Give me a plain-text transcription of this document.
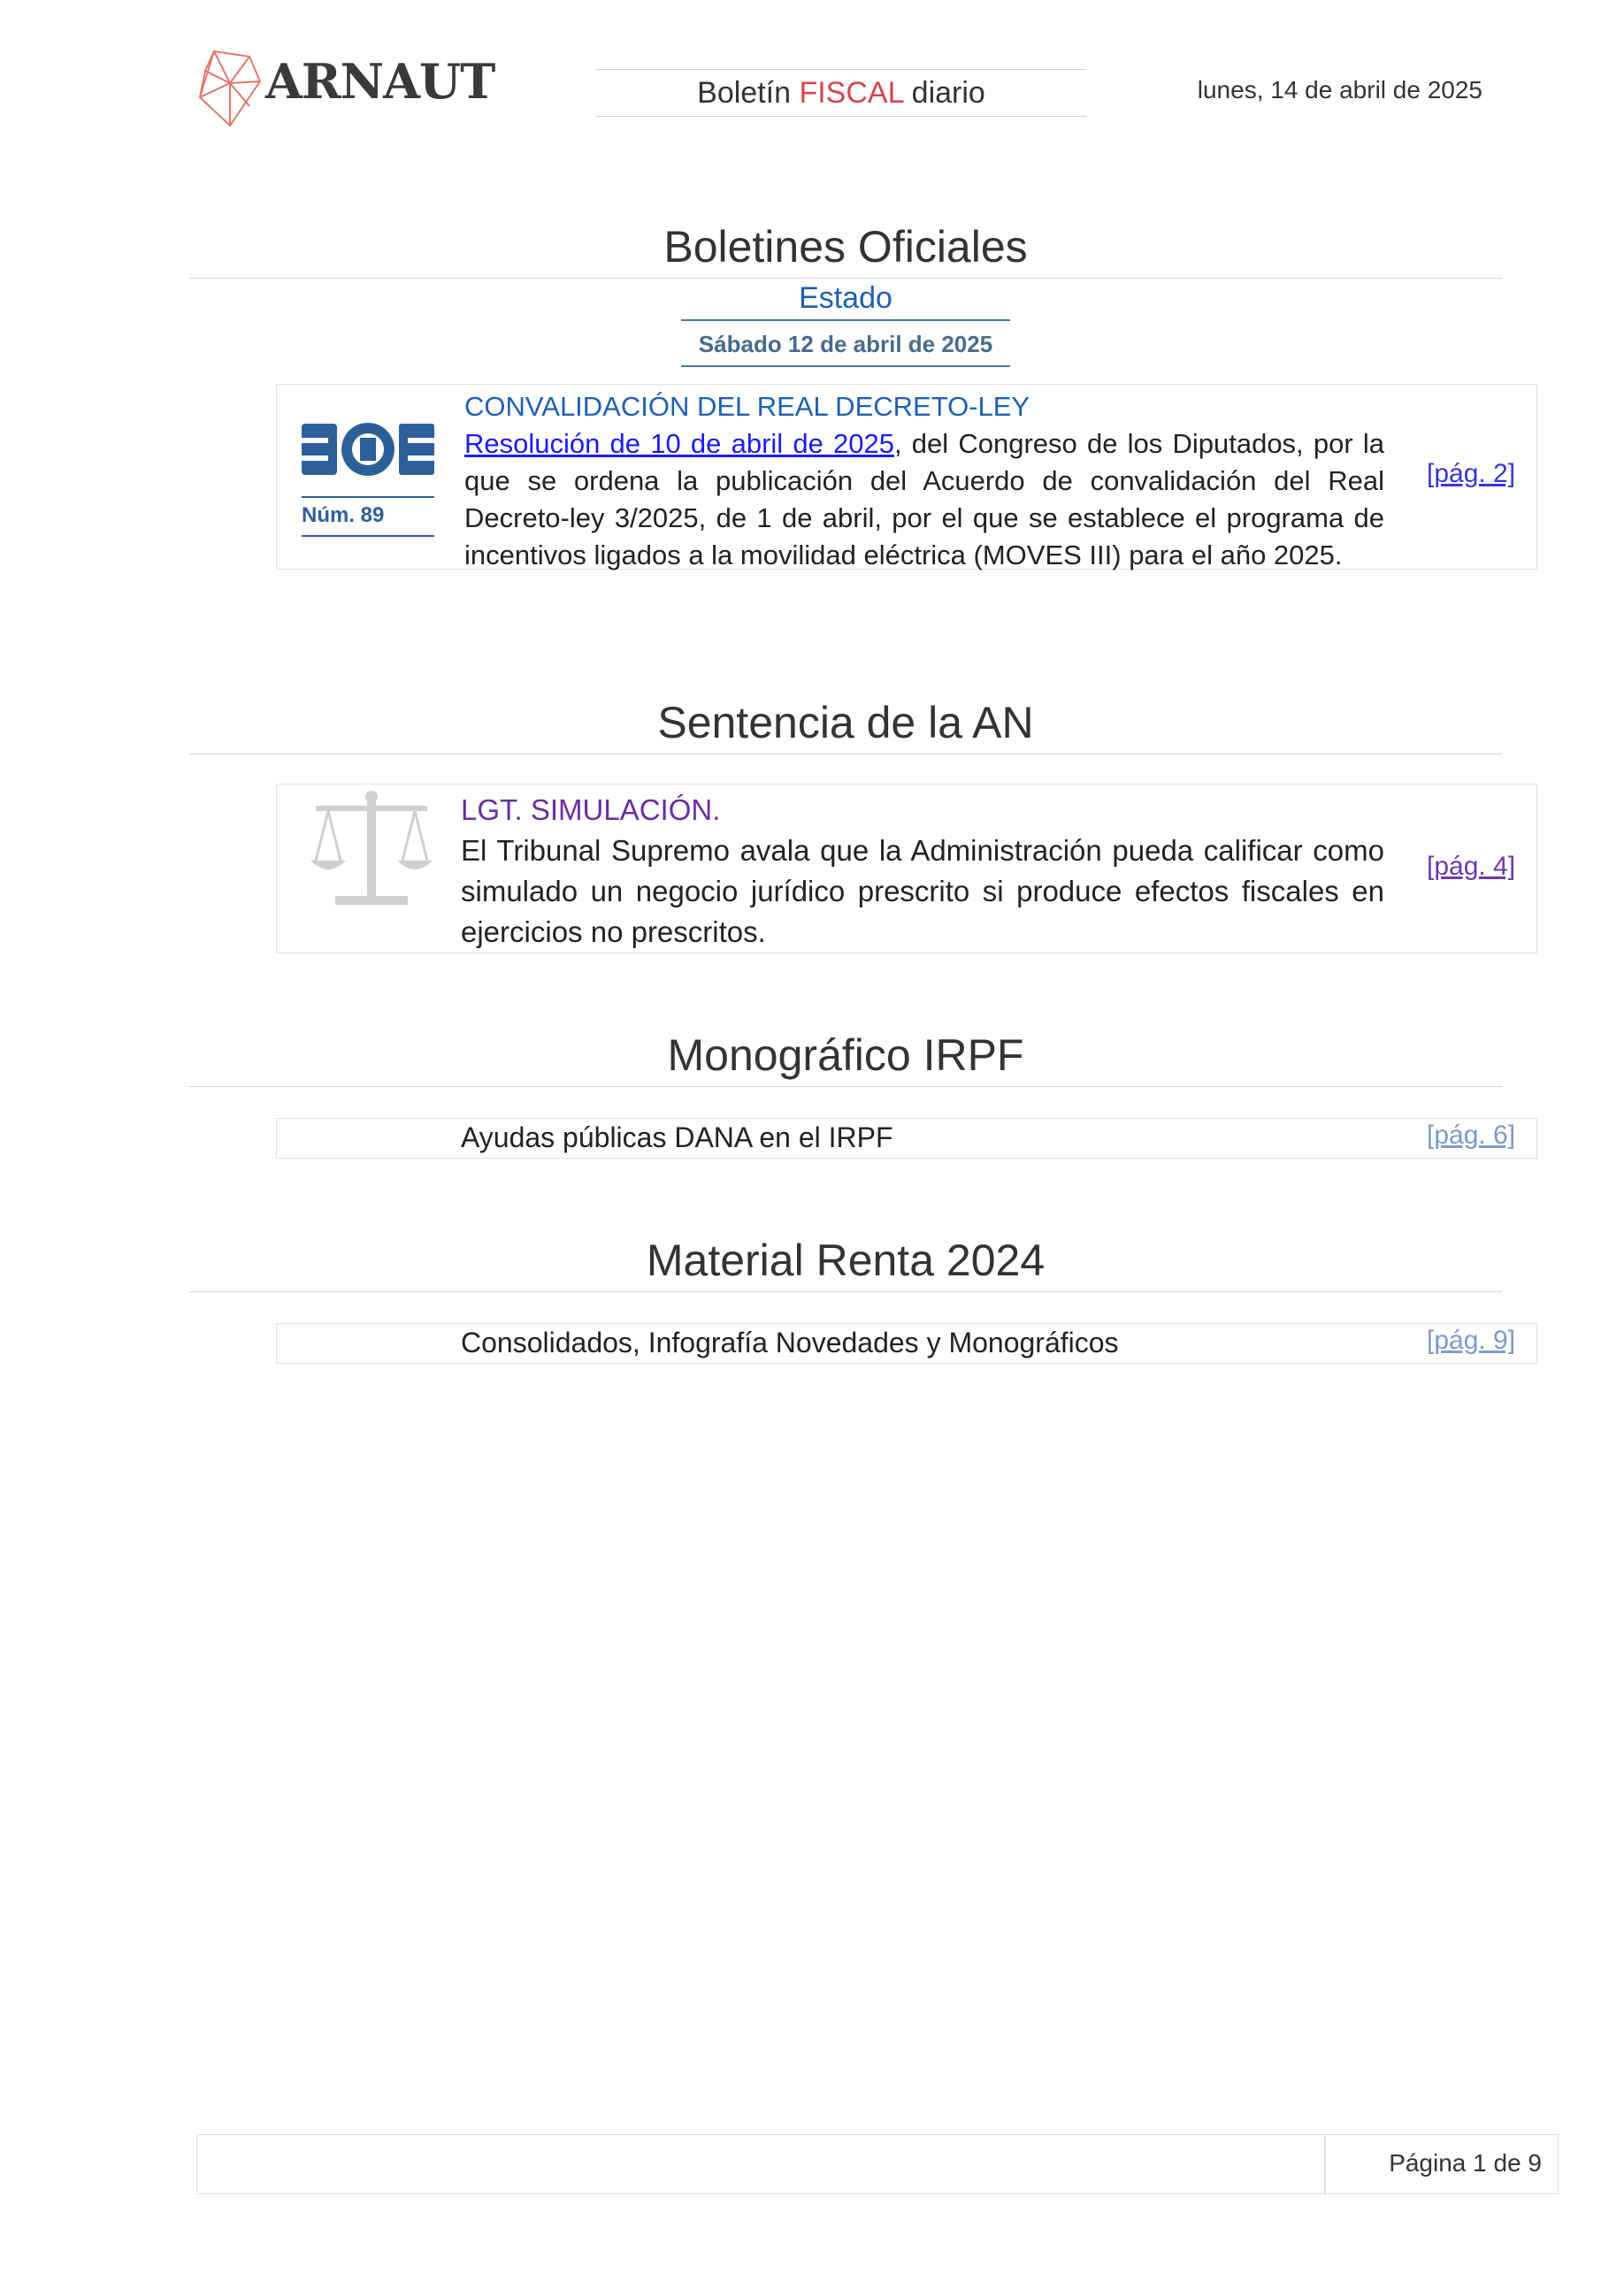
ARNAUT	Boletín FISCAL diario	lunes, 14 de abril de 2025
Boletines Oficiales
Estado
Sábado 12 de abril de 2025
Núm. 89
CONVALIDACIÓN DEL REAL DECRETO-LEY
Resolución de 10 de abril de 2025, del Congreso de los Diputados, por la que se ordena la publicación del Acuerdo de convalidación del Real Decreto-ley 3/2025, de 1 de abril, por el que se establece el programa de incentivos ligados a la movilidad eléctrica (MOVES III) para el año 2025.
[pág. 2]
Sentencia de la AN
LGT. SIMULACIÓN.
El Tribunal Supremo avala que la Administración pueda calificar como simulado un negocio jurídico prescrito si produce efectos fiscales en ejercicios no prescritos.
[pág. 4]
Monográfico IRPF
Ayudas públicas DANA en el IRPF	[pág. 6]
Material Renta 2024
Consolidados, Infografía Novedades y Monográficos	[pág. 9]
Página 1 de 9
